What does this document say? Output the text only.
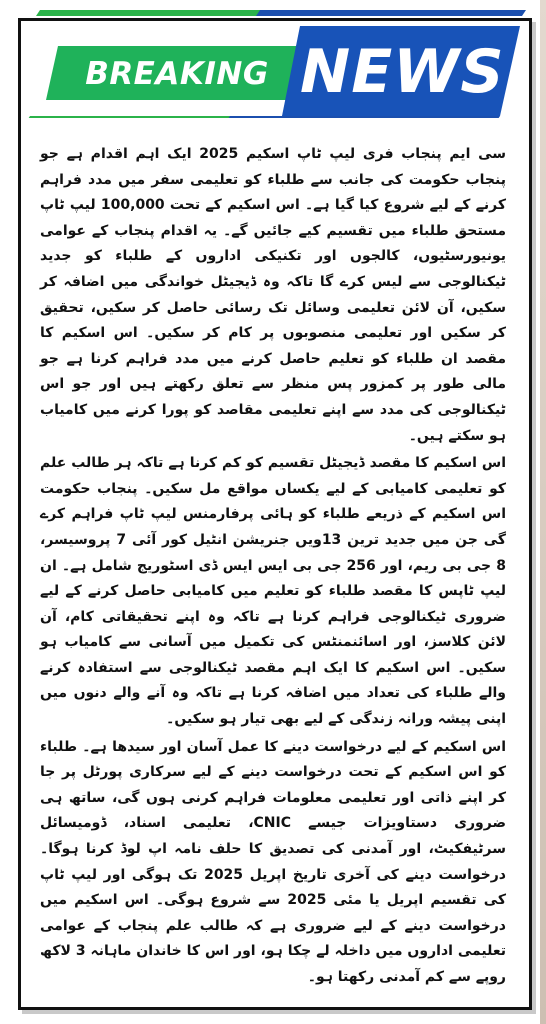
BREAKING NEWS

سی ایم پنجاب فری لیپ ٹاپ اسکیم 2025 ایک اہم اقدام ہے جو پنجاب حکومت کی جانب سے طلباء کو تعلیمی سفر میں مدد فراہم کرنے کے لیے شروع کیا گیا ہے۔ اس اسکیم کے تحت 100,000 لیپ ٹاپ مستحق طلباء میں تقسیم کیے جائیں گے۔ یہ اقدام پنجاب کے عوامی یونیورسٹیوں، کالجوں اور تکنیکی اداروں کے طلباء کو جدید ٹیکنالوجی سے لیس کرے گا تاکہ وہ ڈیجیٹل خواندگی میں اضافہ کر سکیں، آن لائن تعلیمی وسائل تک رسائی حاصل کر سکیں، تحقیق کر سکیں اور تعلیمی منصوبوں پر کام کر سکیں۔ اس اسکیم کا مقصد ان طلباء کو تعلیم حاصل کرنے میں مدد فراہم کرنا ہے جو مالی طور پر کمزور پس منظر سے تعلق رکھتے ہیں اور جو اس ٹیکنالوجی کی مدد سے اپنے تعلیمی مقاصد کو پورا کرنے میں کامیاب ہو سکتے ہیں۔

اس اسکیم کا مقصد ڈیجیٹل تقسیم کو کم کرنا ہے تاکہ ہر طالب علم کو تعلیمی کامیابی کے لیے یکساں مواقع مل سکیں۔ پنجاب حکومت اس اسکیم کے ذریعے طلباء کو ہائی پرفارمنس لیپ ٹاپ فراہم کرے گی جن میں جدید ترین 13ویں جنریشن انٹیل کور آئی 7 پروسیسر، 8 جی بی ریم، اور 256 جی بی ایس ایس ڈی اسٹوریج شامل ہے۔ ان لیپ ٹاپس کا مقصد طلباء کو تعلیم میں کامیابی حاصل کرنے کے لیے ضروری ٹیکنالوجی فراہم کرنا ہے تاکہ وہ اپنے تحقیقاتی کام، آن لائن کلاسز، اور اسائنمنٹس کی تکمیل میں آسانی سے کامیاب ہو سکیں۔ اس اسکیم کا ایک اہم مقصد ٹیکنالوجی سے استفادہ کرنے والے طلباء کی تعداد میں اضافہ کرنا ہے تاکہ وہ آنے والے دنوں میں اپنی پیشہ ورانہ زندگی کے لیے بھی تیار ہو سکیں۔

اس اسکیم کے لیے درخواست دینے کا عمل آسان اور سیدھا ہے۔ طلباء کو اس اسکیم کے تحت درخواست دینے کے لیے سرکاری پورٹل پر جا کر اپنے ذاتی اور تعلیمی معلومات فراہم کرنی ہوں گی، ساتھ ہی ضروری دستاویزات جیسے CNIC، تعلیمی اسناد، ڈومیسائل سرٹیفکیٹ، اور آمدنی کی تصدیق کا حلف نامہ اپ لوڈ کرنا ہوگا۔ درخواست دینے کی آخری تاریخ اپریل 2025 تک ہوگی اور لیپ ٹاپ کی تقسیم اپریل یا مئی 2025 سے شروع ہوگی۔ اس اسکیم میں درخواست دینے کے لیے ضروری ہے کہ طالب علم پنجاب کے عوامی تعلیمی اداروں میں داخلہ لے چکا ہو، اور اس کا خاندان ماہانہ 3 لاکھ روپے سے کم آمدنی رکھتا ہو۔
